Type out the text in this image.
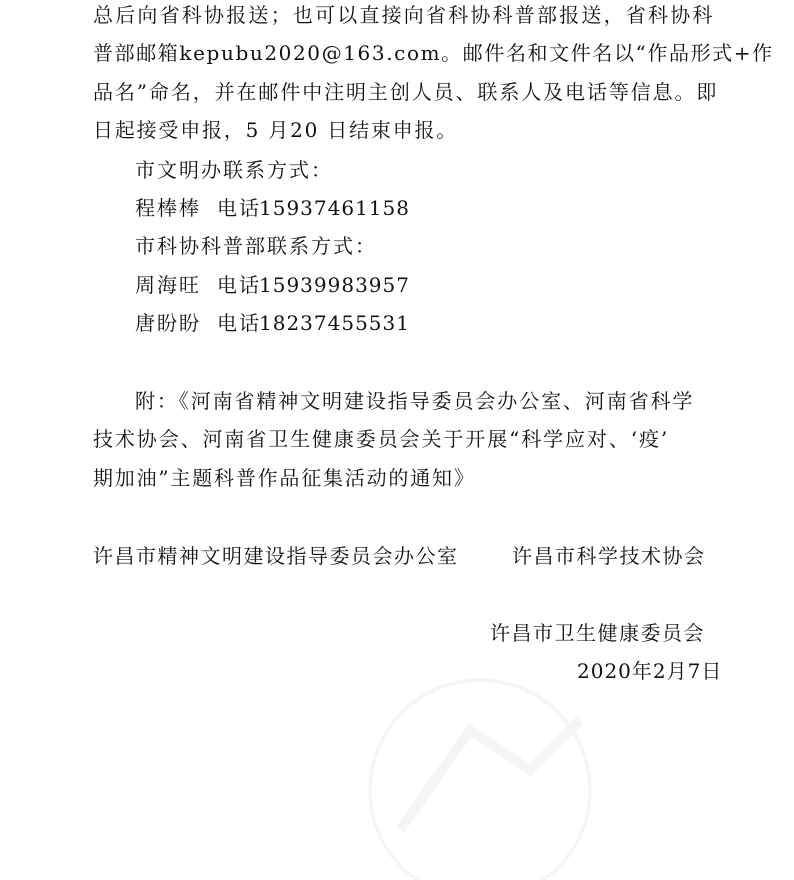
总后向省科协报送；也可以直接向省科协科普部报送，省科协科
普部邮箱kepubu2020@163.com。邮件名和文件名以“作品形式+作
品名”命名，并在邮件中注明主创人员、联系人及电话等信息。即
日起接受申报，5 月20 日结束申报。
市文明办联系方式：
程棒棒 电话15937461158
市科协科普部联系方式：
周海旺 电话15939983957
唐盼盼 电话18237455531
附：《河南省精神文明建设指导委员会办公室、河南省科学
技术协会、河南省卫生健康委员会关于开展“科学应对、‘疫’
期加油”主题科普作品征集活动的通知》
许昌市精神文明建设指导委员会办公室	许昌市科学技术协会
许昌市卫生健康委员会
2020年2月7日
